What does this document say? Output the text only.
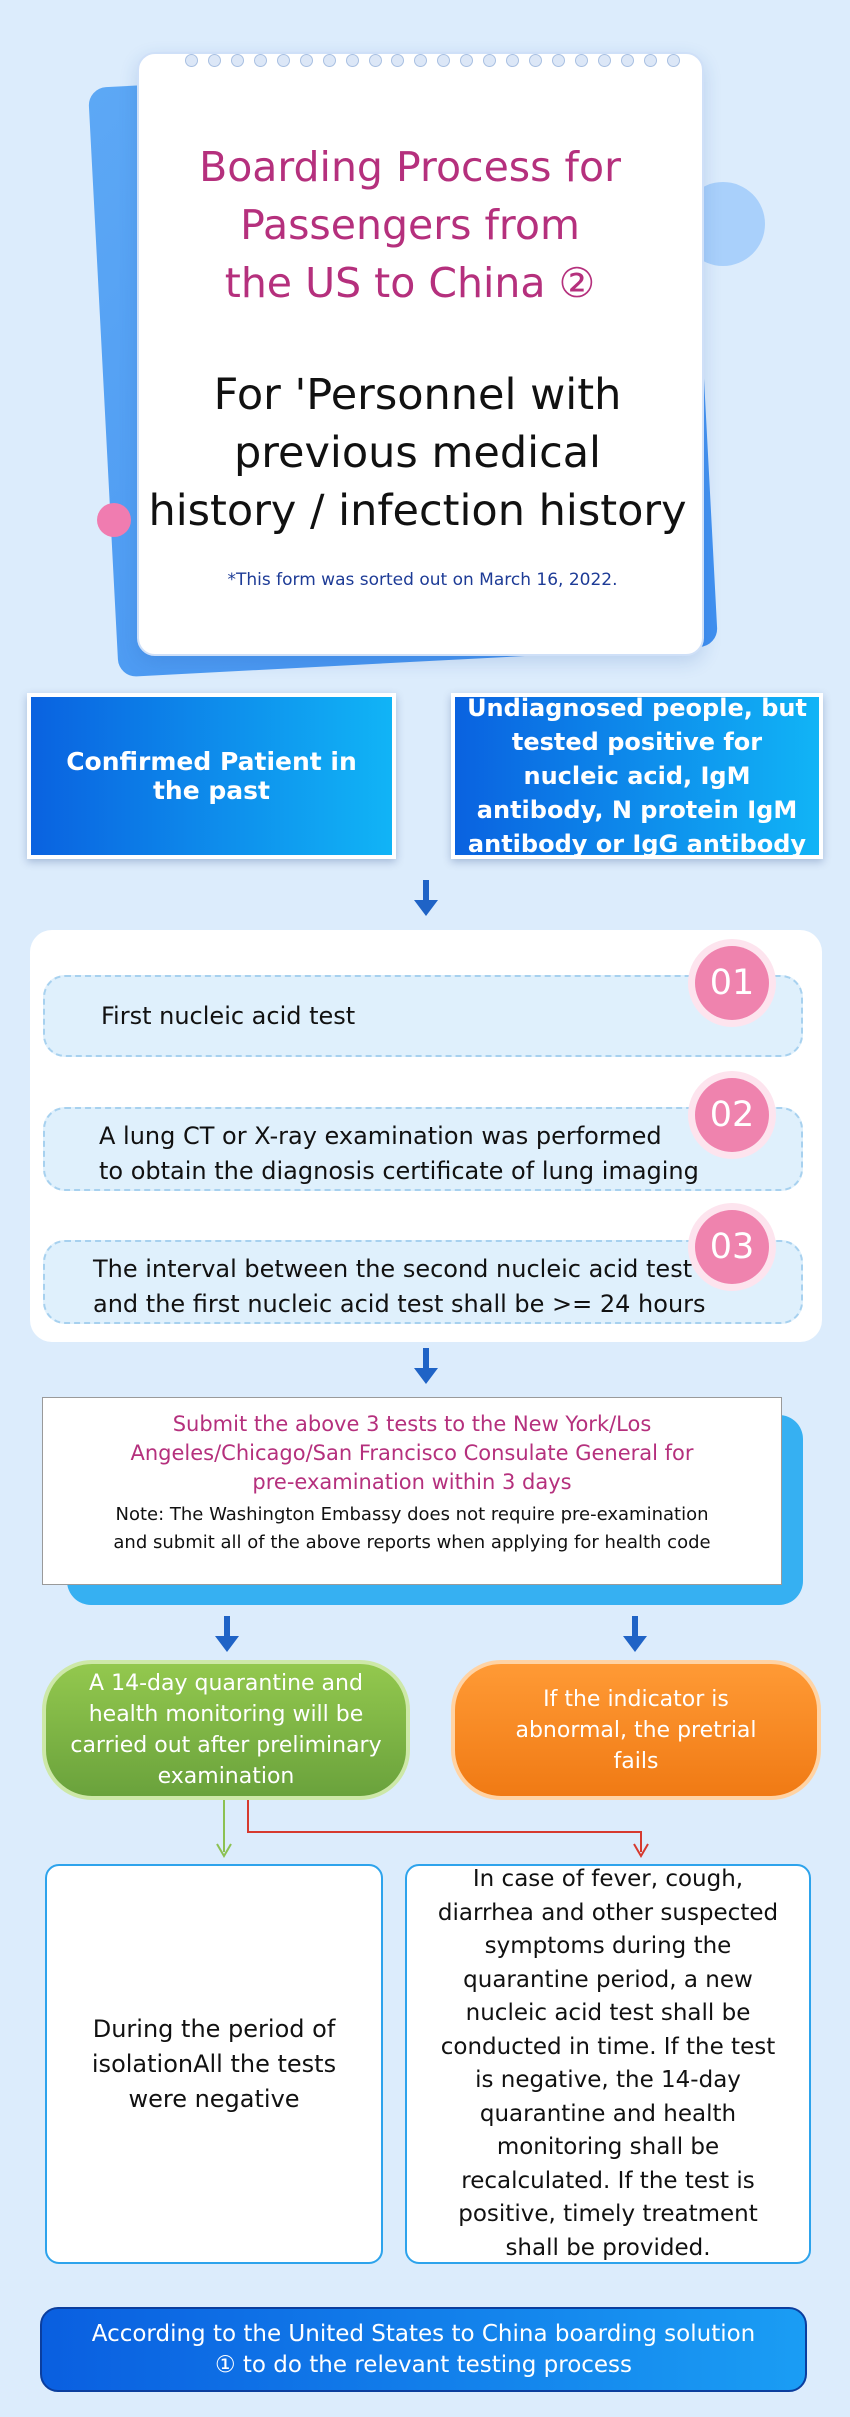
Boarding Process for
Passengers from
the US to China ②
For 'Personnel with
previous medical
history / infection history
*This form was sorted out on March 16, 2022.
Confirmed Patient in the past
Undiagnosed people, but tested positive for nucleic acid, IgM antibody, N protein IgM antibody or IgG antibody
First nucleic acid test
01
A lung CT or X-ray examination was performed
to obtain the diagnosis certificate of lung imaging
02
The interval between the second nucleic acid test
and the first nucleic acid test shall be >= 24 hours
03
Submit the above 3 tests to the New York/Los
Angeles/Chicago/San Francisco Consulate General for
pre-examination within 3 days
Note: The Washington Embassy does not require pre-examination
and submit all of the above reports when applying for health code
A 14-day quarantine and health monitoring will be carried out after preliminary examination
If the indicator is abnormal, the pretrial fails
During the period of isolationAll the tests were negative
In case of fever, cough, diarrhea and other suspected symptoms during the quarantine period, a new nucleic acid test shall be conducted in time. If the test is negative, the 14-day quarantine and health monitoring shall be recalculated. If the test is positive, timely treatment shall be provided.
According to the United States to China boarding solution ① to do the relevant testing process
